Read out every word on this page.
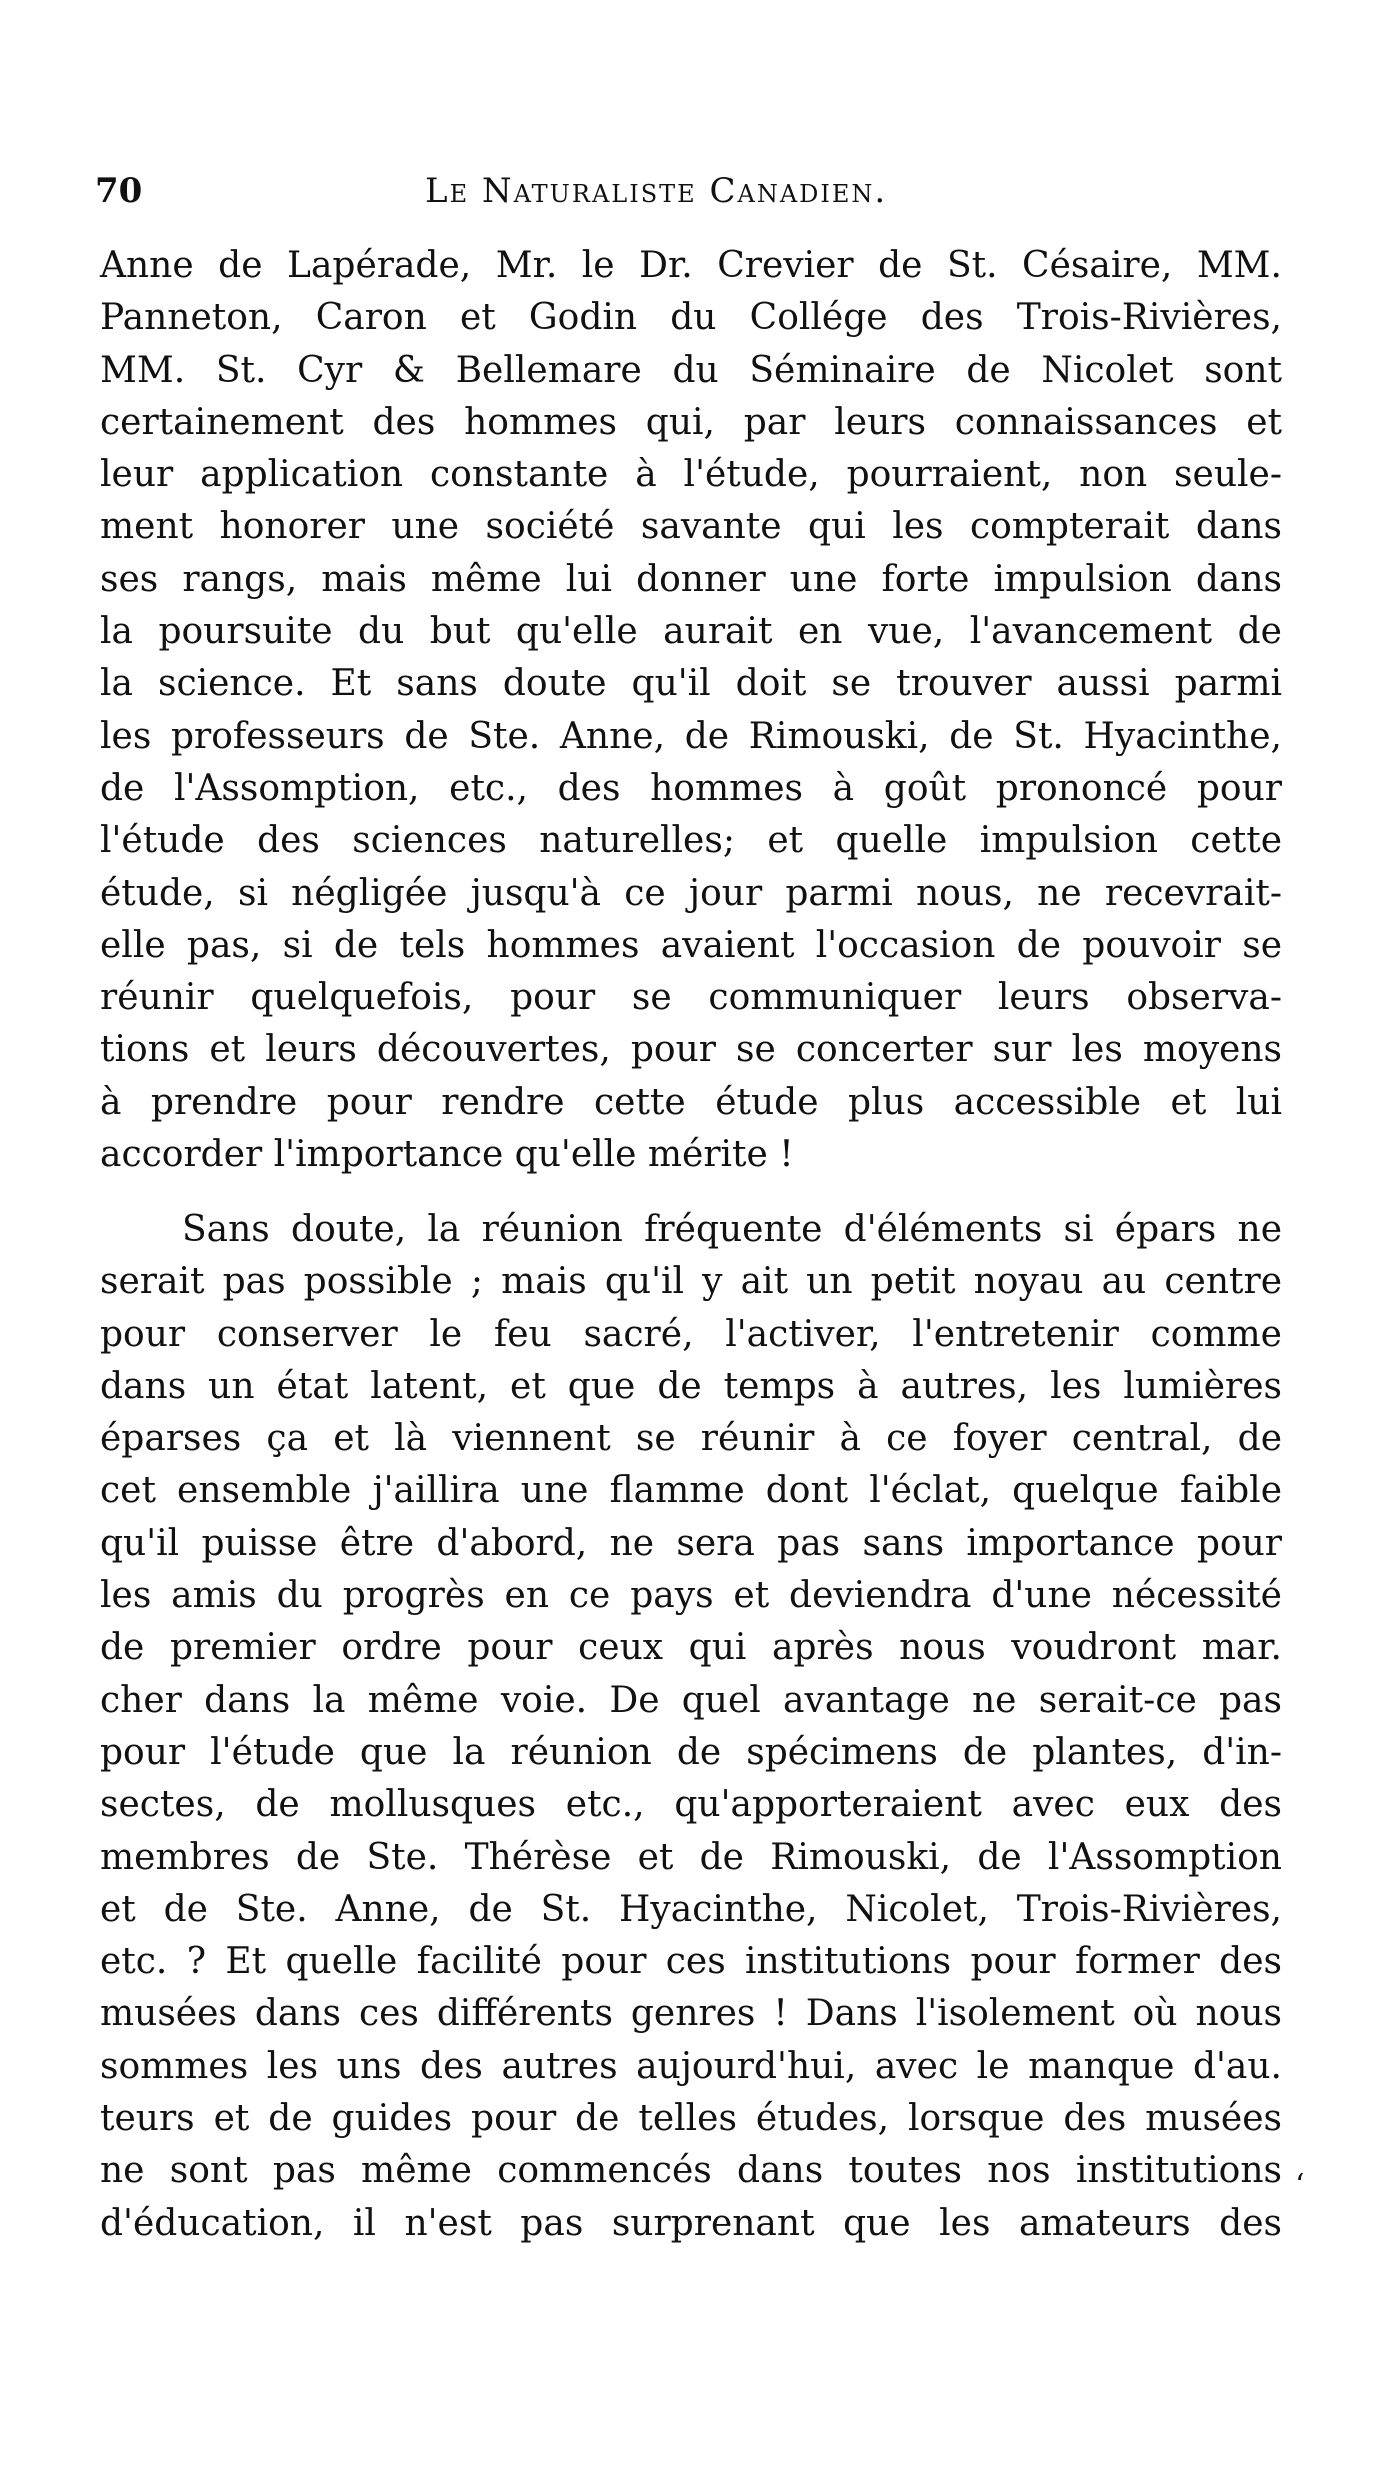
70	Le Naturaliste Canadien.
Anne de Lapérade, Mr. le Dr. Crevier de St. Césaire, MM.
Panneton, Caron et Godin du Collége des Trois-Rivières,
MM. St. Cyr & Bellemare du Séminaire de Nicolet sont
certainement des hommes qui, par leurs connaissances et
leur application constante à l'étude, pourraient, non seule-
ment honorer une société savante qui les compterait dans
ses rangs, mais même lui donner une forte impulsion dans
la poursuite du but qu'elle aurait en vue, l'avancement de
la science. Et sans doute qu'il doit se trouver aussi parmi
les professeurs de Ste. Anne, de Rimouski, de St. Hyacinthe,
de l'Assomption, etc., des hommes à goût prononcé pour
l'étude des sciences naturelles; et quelle impulsion cette
étude, si négligée jusqu'à ce jour parmi nous, ne recevrait-
elle pas, si de tels hommes avaient l'occasion de pouvoir se
réunir quelquefois, pour se communiquer leurs observa-
tions et leurs découvertes, pour se concerter sur les moyens
à prendre pour rendre cette étude plus accessible et lui
accorder l'importance qu'elle mérite !
Sans doute, la réunion fréquente d'éléments si épars ne
serait pas possible ; mais qu'il y ait un petit noyau au centre
pour conserver le feu sacré, l'activer, l'entretenir comme
dans un état latent, et que de temps à autres, les lumières
éparses ça et là viennent se réunir à ce foyer central, de
cet ensemble j'aillira une flamme dont l'éclat, quelque faible
qu'il puisse être d'abord, ne sera pas sans importance pour
les amis du progrès en ce pays et deviendra d'une nécessité
de premier ordre pour ceux qui après nous voudront mar.
cher dans la même voie. De quel avantage ne serait-ce pas
pour l'étude que la réunion de spécimens de plantes, d'in-
sectes, de mollusques etc., qu'apporteraient avec eux des
membres de Ste. Thérèse et de Rimouski, de l'Assomption
et de Ste. Anne, de St. Hyacinthe, Nicolet, Trois-Rivières,
etc. ? Et quelle facilité pour ces institutions pour former des
musées dans ces différents genres ! Dans l'isolement où nous
sommes les uns des autres aujourd'hui, avec le manque d'au.
teurs et de guides pour de telles études, lorsque des musées
ne sont pas même commencés dans toutes nos institutions
d'éducation, il n'est pas surprenant que les amateurs des
‘
